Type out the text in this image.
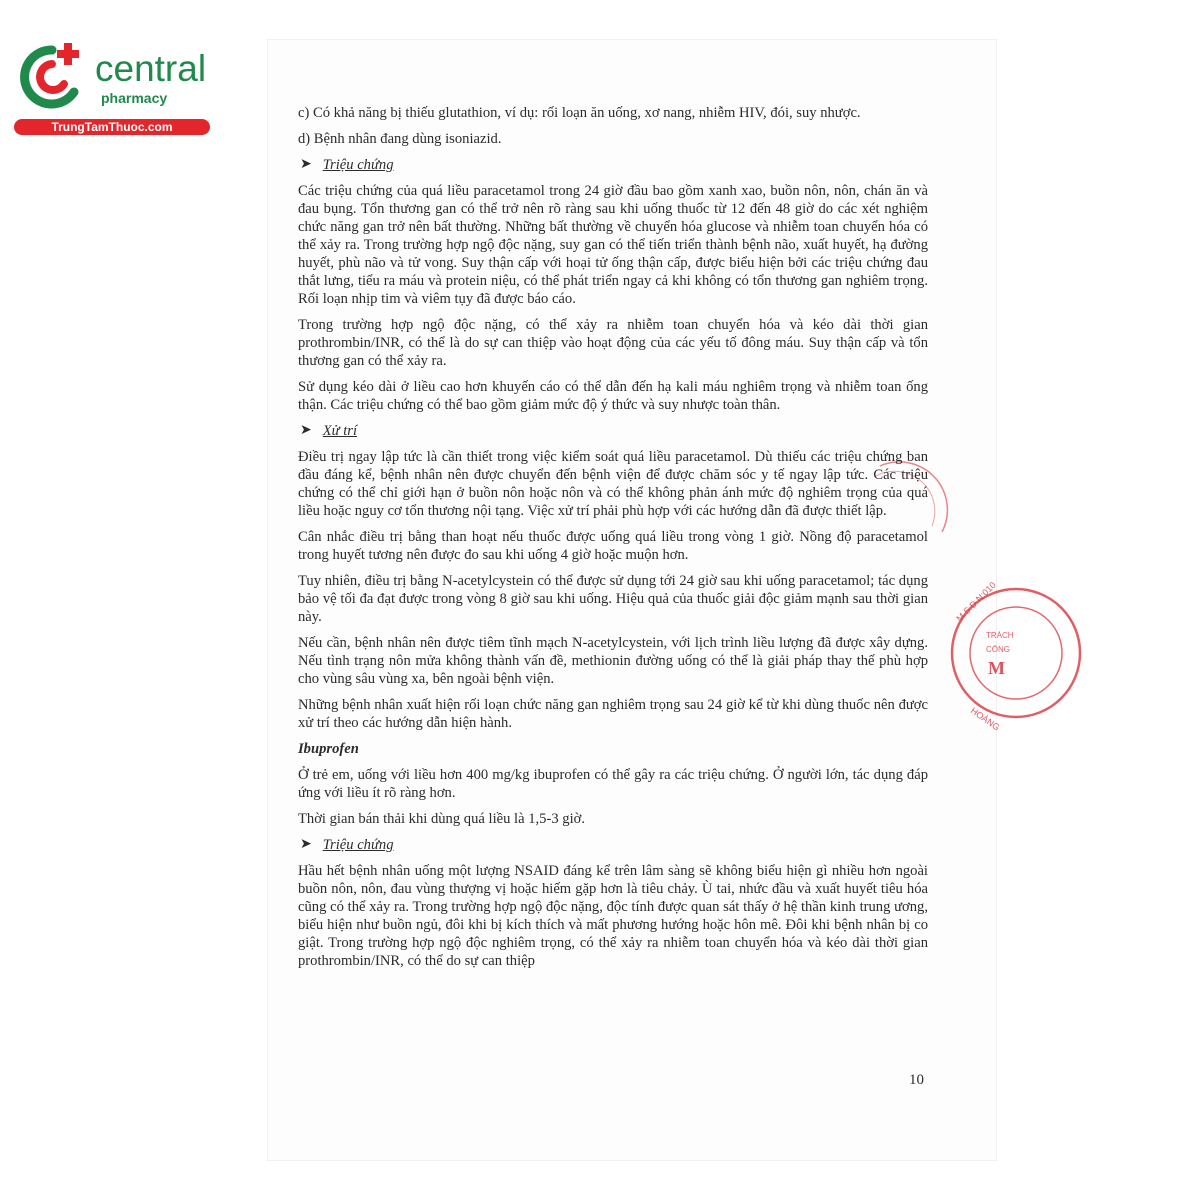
central
pharmacy
TrungTamThuoc.com
M.S.D.N:010
TRÁCH
CÔNG
M
HOÀNG

c) Có khả năng bị thiếu glutathion, ví dụ: rối loạn ăn uống, xơ nang, nhiễm HIV, đói, suy nhược.

d) Bệnh nhân đang dùng isoniazid.

➤ Triệu chứng

Các triệu chứng của quá liều paracetamol trong 24 giờ đầu bao gồm xanh xao, buồn nôn, nôn, chán ăn và đau bụng. Tổn thương gan có thể trở nên rõ ràng sau khi uống thuốc từ 12 đến 48 giờ do các xét nghiệm chức năng gan trở nên bất thường. Những bất thường về chuyển hóa glucose và nhiễm toan chuyển hóa có thể xảy ra. Trong trường hợp ngộ độc nặng, suy gan có thể tiến triển thành bệnh não, xuất huyết, hạ đường huyết, phù não và tử vong. Suy thận cấp với hoại tử ống thận cấp, được biểu hiện bởi các triệu chứng đau thắt lưng, tiểu ra máu và protein niệu, có thể phát triển ngay cả khi không có tổn thương gan nghiêm trọng. Rối loạn nhịp tim và viêm tụy đã được báo cáo.

Trong trường hợp ngộ độc nặng, có thể xảy ra nhiễm toan chuyển hóa và kéo dài thời gian prothrombin/INR, có thể là do sự can thiệp vào hoạt động của các yếu tố đông máu. Suy thận cấp và tổn thương gan có thể xảy ra.

Sử dụng kéo dài ở liều cao hơn khuyến cáo có thể dẫn đến hạ kali máu nghiêm trọng và nhiễm toan ống thận. Các triệu chứng có thể bao gồm giảm mức độ ý thức và suy nhược toàn thân.

➤ Xử trí

Điều trị ngay lập tức là cần thiết trong việc kiểm soát quá liều paracetamol. Dù thiếu các triệu chứng ban đầu đáng kể, bệnh nhân nên được chuyển đến bệnh viện để được chăm sóc y tế ngay lập tức. Các triệu chứng có thể chỉ giới hạn ở buồn nôn hoặc nôn và có thể không phản ánh mức độ nghiêm trọng của quá liều hoặc nguy cơ tổn thương nội tạng. Việc xử trí phải phù hợp với các hướng dẫn đã được thiết lập.

Cân nhắc điều trị bằng than hoạt nếu thuốc được uống quá liều trong vòng 1 giờ. Nồng độ paracetamol trong huyết tương nên được đo sau khi uống 4 giờ hoặc muộn hơn.

Tuy nhiên, điều trị bằng N-acetylcystein có thể được sử dụng tới 24 giờ sau khi uống paracetamol; tác dụng bảo vệ tối đa đạt được trong vòng 8 giờ sau khi uống. Hiệu quả của thuốc giải độc giảm mạnh sau thời gian này.

Nếu cần, bệnh nhân nên được tiêm tĩnh mạch N-acetylcystein, với lịch trình liều lượng đã được xây dựng. Nếu tình trạng nôn mửa không thành vấn đề, methionin đường uống có thể là giải pháp thay thế phù hợp cho vùng sâu vùng xa, bên ngoài bệnh viện.

Những bệnh nhân xuất hiện rối loạn chức năng gan nghiêm trọng sau 24 giờ kể từ khi dùng thuốc nên được xử trí theo các hướng dẫn hiện hành.

Ibuprofen

Ở trẻ em, uống với liều hơn 400 mg/kg ibuprofen có thể gây ra các triệu chứng. Ở người lớn, tác dụng đáp ứng với liều ít rõ ràng hơn.

Thời gian bán thải khi dùng quá liều là 1,5-3 giờ.

➤ Triệu chứng

Hầu hết bệnh nhân uống một lượng NSAID đáng kể trên lâm sàng sẽ không biểu hiện gì nhiều hơn ngoài buồn nôn, nôn, đau vùng thượng vị hoặc hiếm gặp hơn là tiêu chảy. Ù tai, nhức đầu và xuất huyết tiêu hóa cũng có thể xảy ra. Trong trường hợp ngộ độc nặng, độc tính được quan sát thấy ở hệ thần kinh trung ương, biểu hiện như buồn ngủ, đôi khi bị kích thích và mất phương hướng hoặc hôn mê. Đôi khi bệnh nhân bị co giật. Trong trường hợp ngộ độc nghiêm trọng, có thể xảy ra nhiễm toan chuyển hóa và kéo dài thời gian prothrombin/INR, có thể do sự can thiệp

10
